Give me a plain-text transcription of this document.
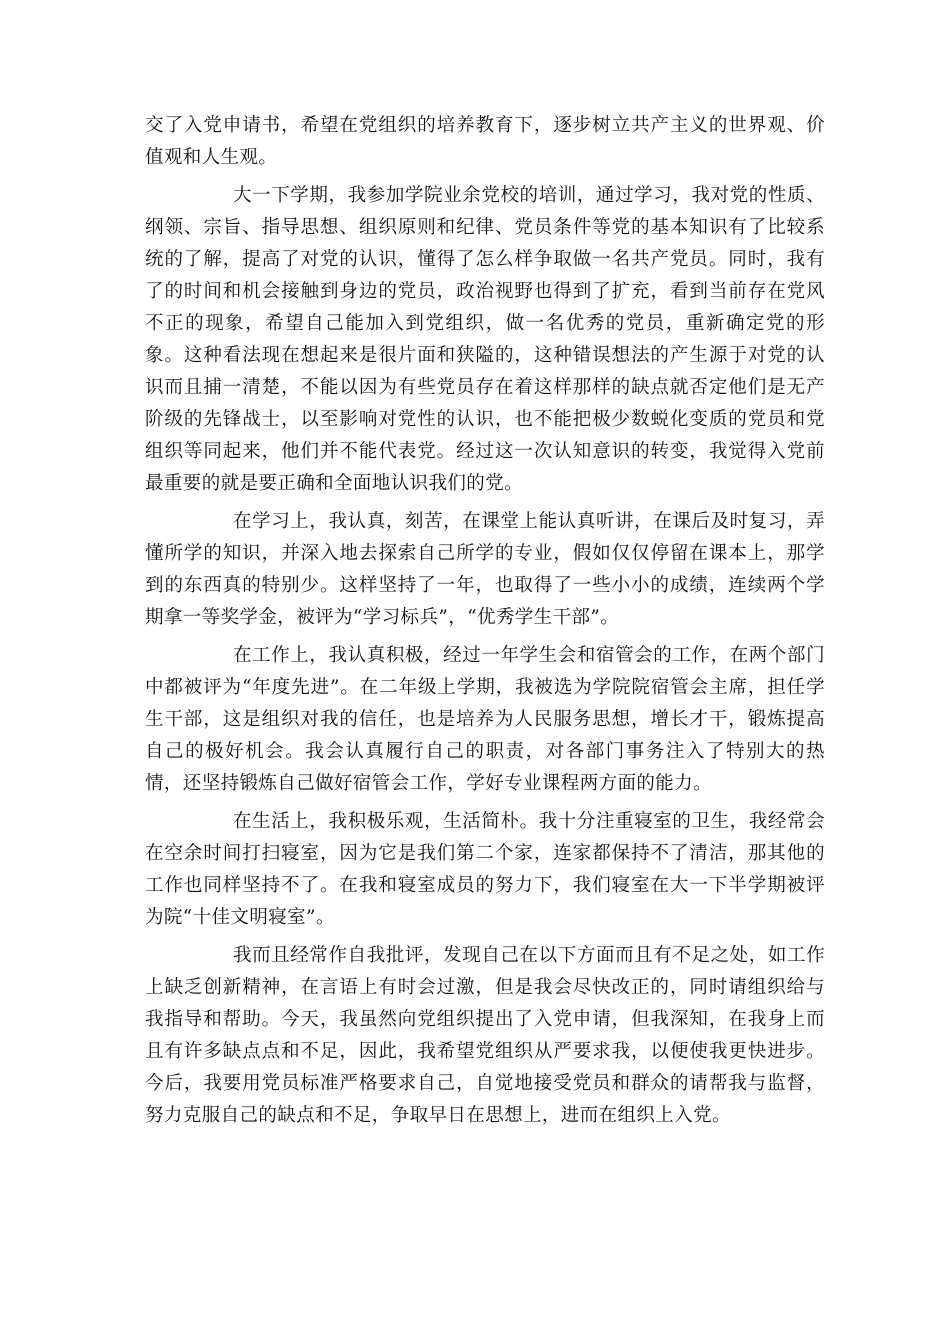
交了入党申请书，希望在党组织的培养教育下，逐步树立共产主义的世界观、价值观和人生观。

大一下学期，我参加学院业余党校的培训，通过学习，我对党的性质、纲领、宗旨、指导思想、组织原则和纪律、党员条件等党的基本知识有了比较系统的了解，提高了对党的认识，懂得了怎么样争取做一名共产党员。同时，我有了的时间和机会接触到身边的党员，政治视野也得到了扩充，看到当前存在党风不正的现象，希望自己能加入到党组织，做一名优秀的党员，重新确定党的形象。这种看法现在想起来是很片面和狭隘的，这种错误想法的产生源于对党的认识而且捕一清楚，不能以因为有些党员存在着这样那样的缺点就否定他们是无产阶级的先锋战士，以至影响对党性的认识，也不能把极少数蜕化变质的党员和党组织等同起来，他们并不能代表党。经过这一次认知意识的转变，我觉得入党前最重要的就是要正确和全面地认识我们的党。

在学习上，我认真，刻苦，在课堂上能认真听讲，在课后及时复习，弄懂所学的知识，并深入地去探索自己所学的专业，假如仅仅停留在课本上，那学到的东西真的特别少。这样坚持了一年，也取得了一些小小的成绩，连续两个学期拿一等奖学金，被评为“学习标兵”，“优秀学生干部”。

在工作上，我认真积极，经过一年学生会和宿管会的工作，在两个部门中都被评为“年度先进”。在二年级上学期，我被选为学院院宿管会主席，担任学生干部，这是组织对我的信任，也是培养为人民服务思想，增长才干，锻炼提高自己的极好机会。我会认真履行自己的职责，对各部门事务注入了特别大的热情，还坚持锻炼自己做好宿管会工作，学好专业课程两方面的能力。

在生活上，我积极乐观，生活简朴。我十分注重寝室的卫生，我经常会在空余时间打扫寝室，因为它是我们第二个家，连家都保持不了清洁，那其他的工作也同样坚持不了。在我和寝室成员的努力下，我们寝室在大一下半学期被评为院“十佳文明寝室”。

我而且经常作自我批评，发现自己在以下方面而且有不足之处，如工作上缺乏创新精神，在言语上有时会过激，但是我会尽快改正的，同时请组织给与我指导和帮助。今天，我虽然向党组织提出了入党申请，但我深知，在我身上而且有许多缺点点和不足，因此，我希望党组织从严要求我，以便使我更快进步。今后，我要用党员标准严格要求自己，自觉地接受党员和群众的请帮我与监督，努力克服自己的缺点和不足，争取早日在思想上，进而在组织上入党。
